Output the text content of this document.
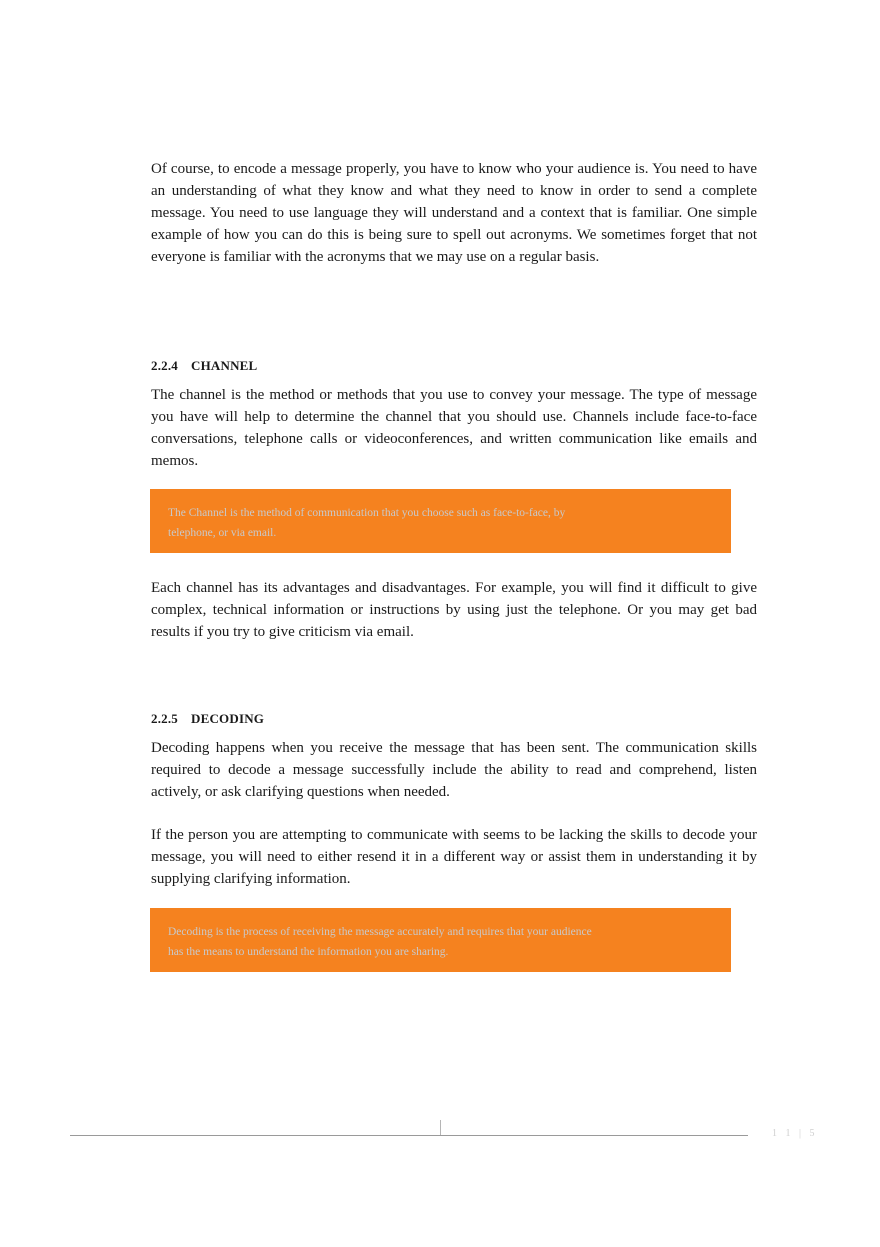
Of course, to encode a message properly, you have to know who your audience is. You need to have an understanding of what they know and what they need to know in order to send a complete message. You need to use language they will understand and a context that is familiar. One simple example of how you can do this is being sure to spell out acronyms. We sometimes forget that not everyone is familiar with the acronyms that we may use on a regular basis.

2.2.4 CHANNEL

The channel is the method or methods that you use to convey your message. The type of message you have will help to determine the channel that you should use. Channels include face-to-face conversations, telephone calls or videoconferences, and written communication like emails and memos.

The Channel is the method of communication that you choose such as face-to-face, by

telephone, or via email.

Each channel has its advantages and disadvantages. For example, you will find it difficult to give complex, technical information or instructions by using just the telephone. Or you may get bad results if you try to give criticism via email.

2.2.5 DECODING

Decoding happens when you receive the message that has been sent. The communication skills required to decode a message successfully include the ability to read and comprehend, listen actively, or ask clarifying questions when needed.

If the person you are attempting to communicate with seems to be lacking the skills to decode your message, you will need to either resend it in a different way or assist them in understanding it by supplying clarifying information.

Decoding is the process of receiving the message accurately and requires that your audience

has the means to understand the information you are sharing.

1 1 | 5
